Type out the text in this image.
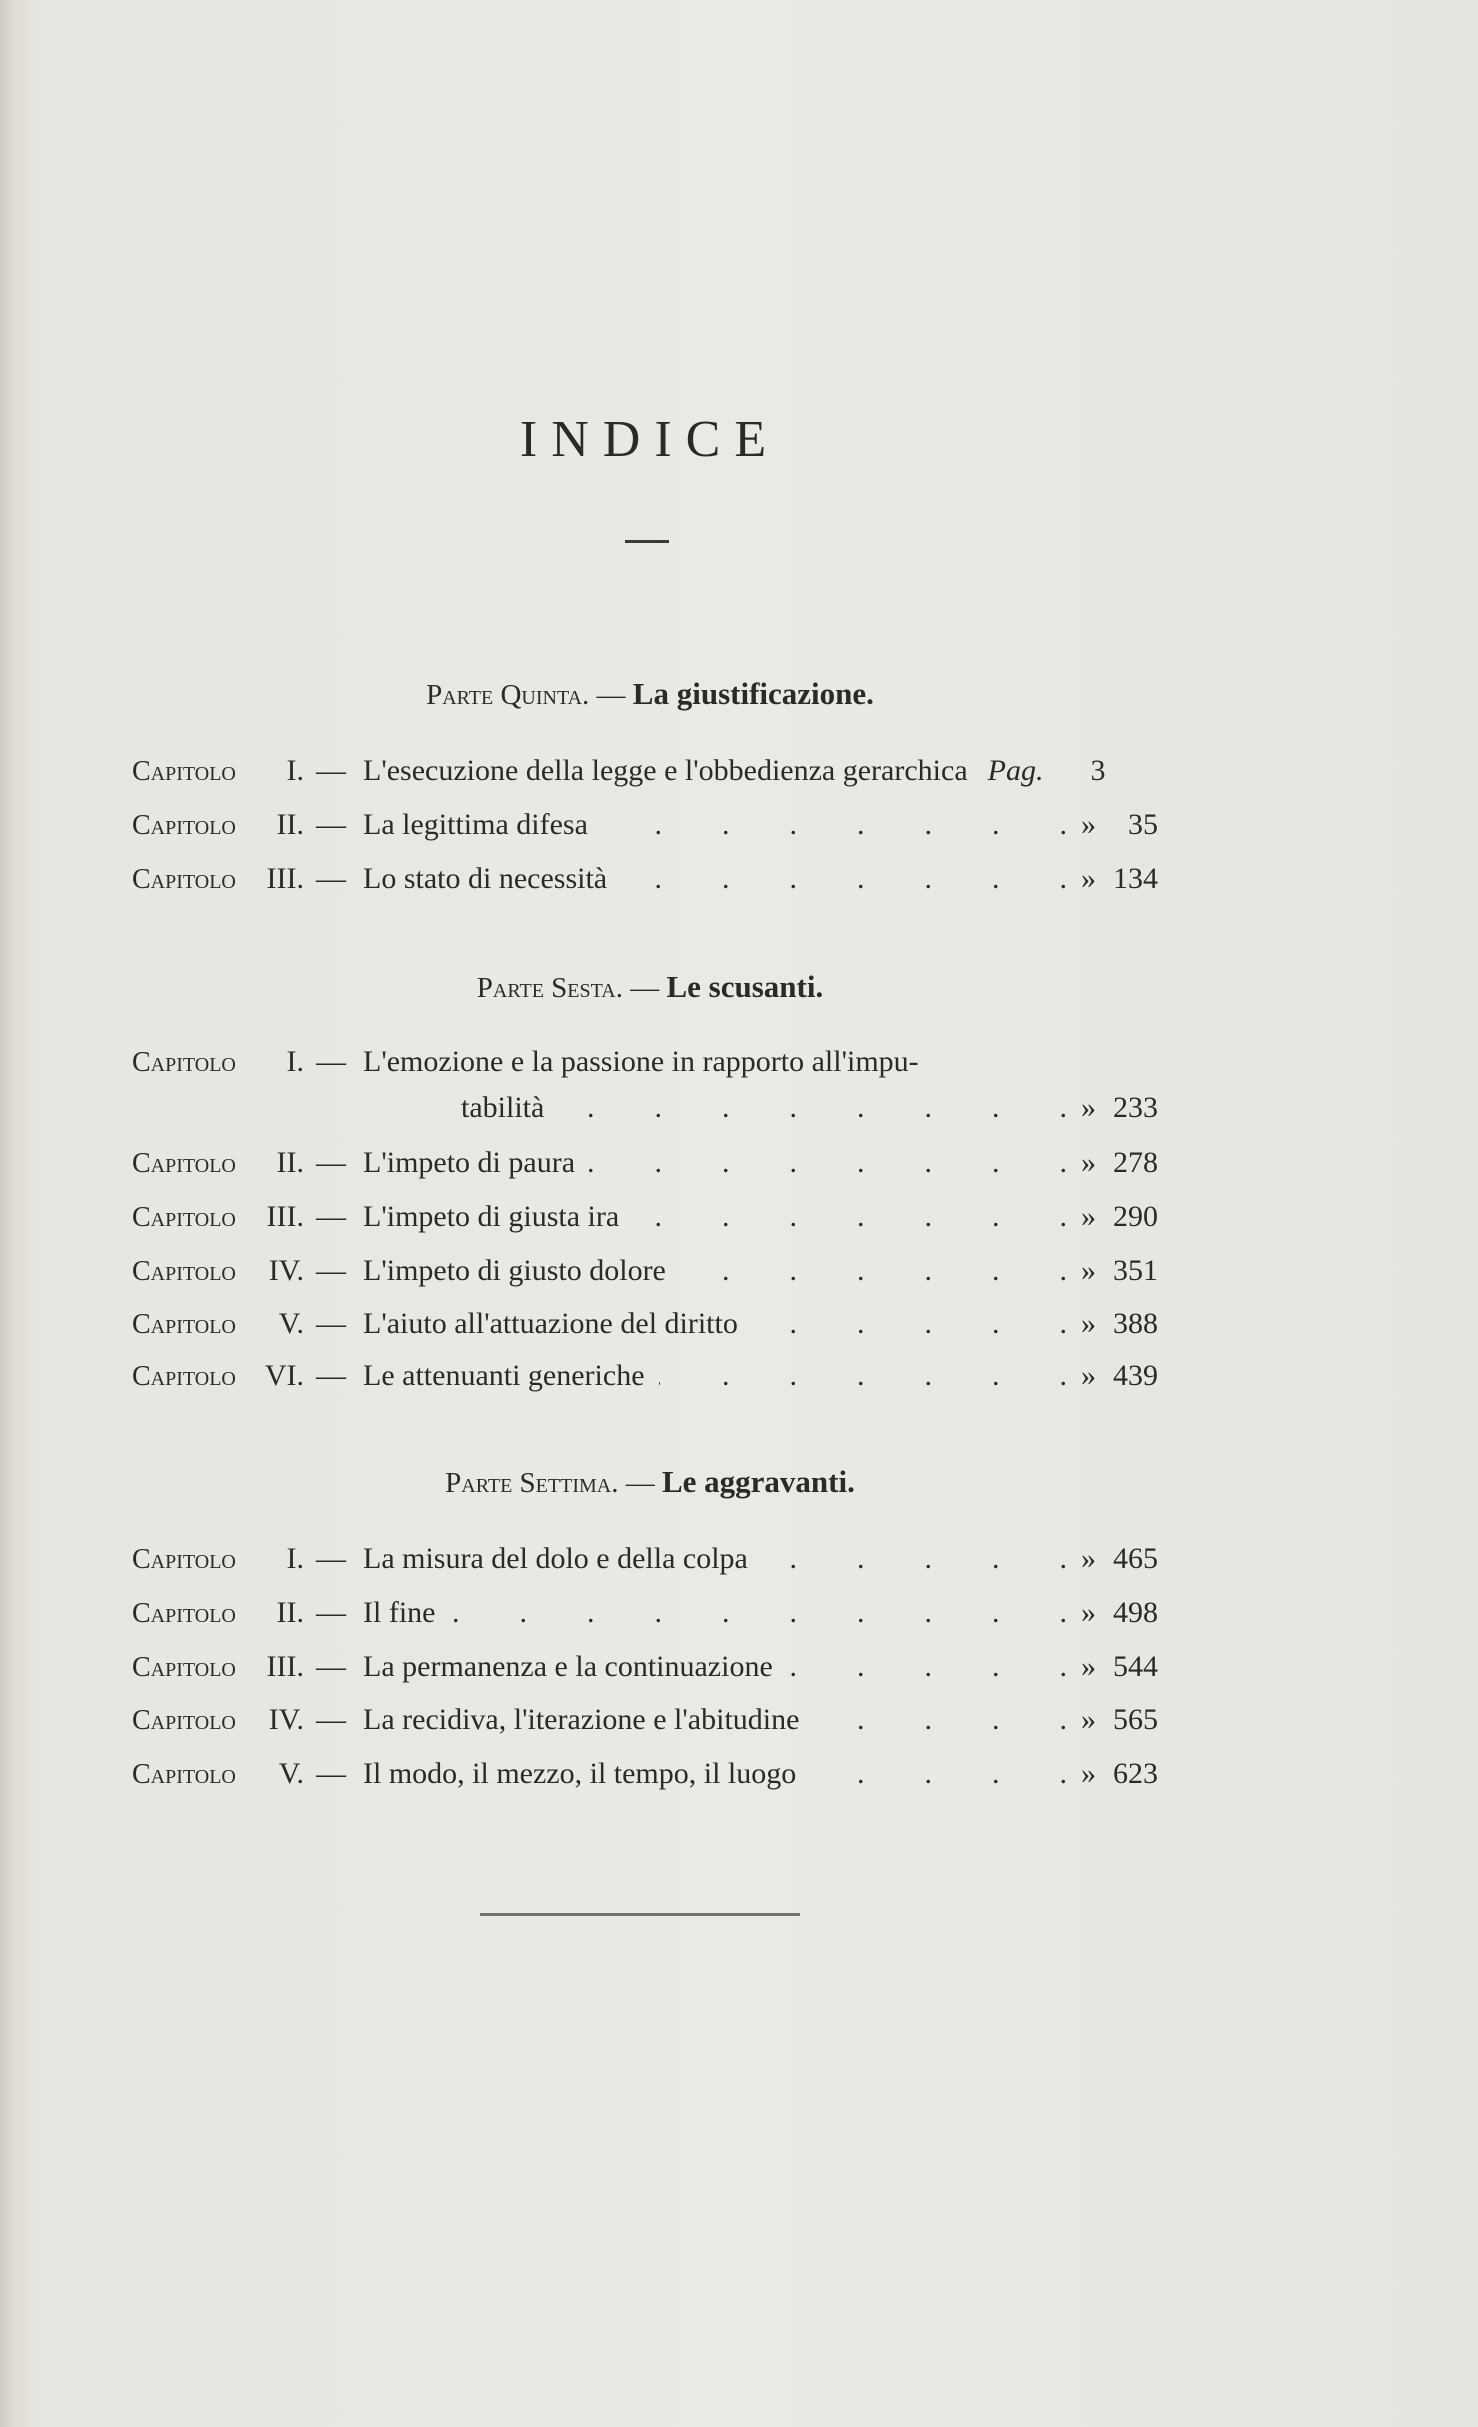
INDICE
Parte Quinta. — La giustificazione.
Capitolo	I. — L'esecuzione della legge e l'obbedienza gerarchica Pag.	3
Capitolo	II. — La legittima difesa .	»	35
Capitolo	III. — Lo stato di necessità .	» 134
Parte Sesta. — Le scusanti.
Capitolo	I. — L'emozione e la passione in rapporto all'impu-
tabilità .	» 233
Capitolo	II. — L'impeto di paura .	» 278
Capitolo	III. — L'impeto di giusta ira .	» 290
Capitolo	IV. — L'impeto di giusto dolore .	» 351
Capitolo	V. — L'aiuto all'attuazione del diritto .	» 388
Capitolo VI. — Le attenuanti generiche .	» 439
Parte Settima. — Le aggravanti.
Capitolo	I. — La misura del dolo e della colpa .	» 465
Capitolo	II. — Il fine .	» 498
Capitolo	III. — La permanenza e la continuazione .	» 544
Capitolo	IV. — La recidiva, l'iterazione e l'abitudine .	» 565
Capitolo	V. — Il modo, il mezzo, il tempo, il luogo .	» 623
